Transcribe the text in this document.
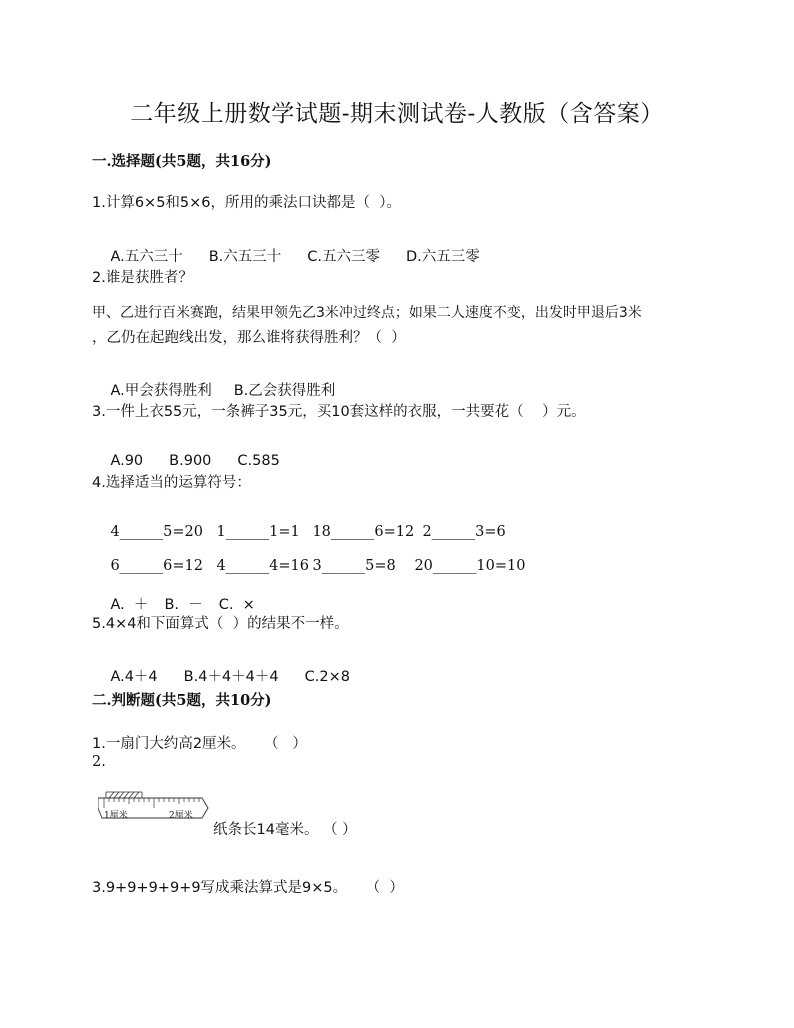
二年级上册数学试题-期末测试卷-人教版（含答案）
一.选择题(共5题，共16分)
1.计算6×5和5×6，所用的乘法口诀都是（  ）。

A.五六三十 B.六五三十 C.五六三零 D.六五三零

2.谁是获胜者？
甲、乙进行百米赛跑，结果甲领先乙3米冲过终点；如果二人速度不变，出发时甲退后3米
，乙仍在起跑线出发，那么谁将获得胜利？（  ）

A.甲会获得胜利 B.乙会获得胜利

3.一件上衣55元，一条裤子35元，买10套这样的衣服，一共要花（    ）元。

A.90 B.900 C.585

4.选择适当的运算符号：

4______5=20 1______1=1 18______6=12 2______3=6

6______6=12 4______4=16 3______5=8 20______10=10

A.  ＋ B.  － C.  ×

5.4×4和下面算式（  ）的结果不一样。

A.4＋4 B.4＋4＋4＋4 C.2×8

二.判断题(共5题，共10分)
1.一扇门大约高2厘米。    （   ）
2.
1厘米	2厘米
纸条长14毫米。 （ ）
3.9+9+9+9+9写成乘法算式是9×5。    （  ）
